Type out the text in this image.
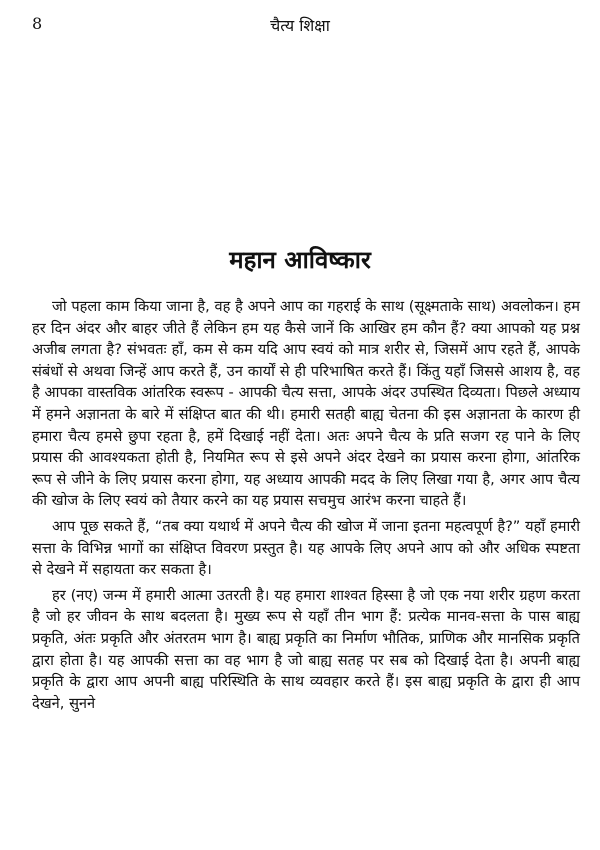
8	चैत्य शिक्षा
महान आविष्कार

जो पहला काम किया जाना है, वह है अपने आप का गहराई के साथ (सूक्ष्मताके साथ) अवलोकन। हम हर दिन अंदर और बाहर जीते हैं लेकिन हम यह कैसे जानें कि आखिर हम कौन हैं? क्या आपको यह प्रश्न अजीब लगता है? संभवतः हाँ, कम से कम यदि आप स्वयं को मात्र शरीर से, जिसमें आप रहते हैं, आपके संबंधों से अथवा जिन्हें आप करते हैं, उन कार्यों से ही परिभाषित करते हैं। किंतु यहाँ जिससे आशय है, वह है आपका वास्तविक आंतरिक स्वरूप - आपकी चैत्य सत्ता, आपके अंदर उपस्थित दिव्यता। पिछले अध्याय में हमने अज्ञानता के बारे में संक्षिप्त बात की थी। हमारी सतही बाह्य चेतना की इस अज्ञानता के कारण ही हमारा चैत्य हमसे छुपा रहता है, हमें दिखाई नहीं देता। अतः अपने चैत्य के प्रति सजग रह पाने के लिए प्रयास की आवश्यकता होती है, नियमित रूप से इसे अपने अंदर देखने का प्रयास करना होगा, आंतरिक रूप से जीने के लिए प्रयास करना होगा, यह अध्याय आपकी मदद के लिए लिखा गया है, अगर आप चैत्य की खोज के लिए स्वयं को तैयार करने का यह प्रयास सचमुच आरंभ करना चाहते हैं।

आप पूछ सकते हैं, “तब क्या यथार्थ में अपने चैत्य की खोज में जाना इतना महत्वपूर्ण है?” यहाँ हमारी सत्ता के विभिन्न भागों का संक्षिप्त विवरण प्रस्तुत है। यह आपके लिए अपने आप को और अधिक स्पष्टता से देखने में सहायता कर सकता है।

हर (नए) जन्म में हमारी आत्मा उतरती है। यह हमारा शाश्वत हिस्सा है जो एक नया शरीर ग्रहण करता है जो हर जीवन के साथ बदलता है। मुख्य रूप से यहाँ तीन भाग हैं: प्रत्येक मानव-सत्ता के पास बाह्य प्रकृति, अंतः प्रकृति और अंतरतम भाग है। बाह्य प्रकृति का निर्माण भौतिक, प्राणिक और मानसिक प्रकृति द्वारा होता है। यह आपकी सत्ता का वह भाग है जो बाह्य सतह पर सब को दिखाई देता है। अपनी बाह्य प्रकृति के द्वारा आप अपनी बाह्य परिस्थिति के साथ व्यवहार करते हैं। इस बाह्य प्रकृति के द्वारा ही आप देखने, सुनने
